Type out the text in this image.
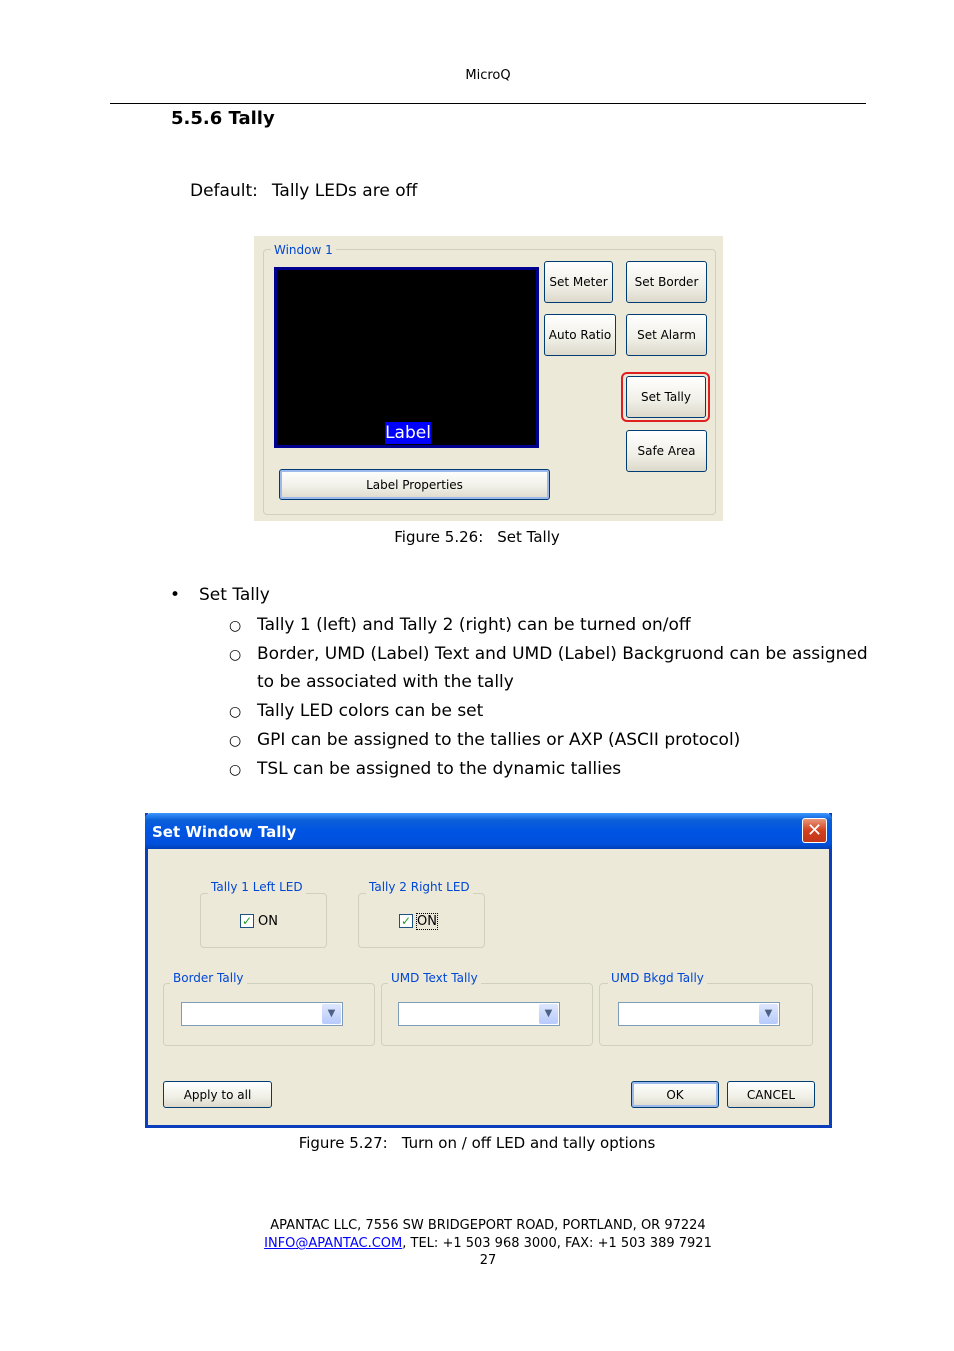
MicroQ
5.5.6 Tally
Default: Tally LEDs are off
Window 1
Label
Set Meter	Set Border
Auto Ratio	Set Alarm
Set Tally
Safe Area
Label Properties
Figure 5.26: Set Tally
• Set Tally
○ Tally 1 (left) and Tally 2 (right) can be turned on/off
○ Border, UMD (Label) Text and UMD (Label) Backgruond can be assigned to be associated with the tally
○ Tally LED colors can be set
○ GPI can be assigned to the tallies or AXP (ASCII protocol)
○ TSL can be assigned to the dynamic tallies
Set Window Tally	✕
Tally 1 Left LED
✓ ON
Tally 2 Right LED
✓ ON
Border Tally
▼
UMD Text Tally
▼
UMD Bkgd Tally
▼
Apply to all	OK	CANCEL
Figure 5.27: Turn on / off LED and tally options
APANTAC LLC, 7556 SW BRIDGEPORT ROAD, PORTLAND, OR 97224
INFO@APANTAC.COM, TEL: +1 503 968 3000, FAX: +1 503 389 7921
27
